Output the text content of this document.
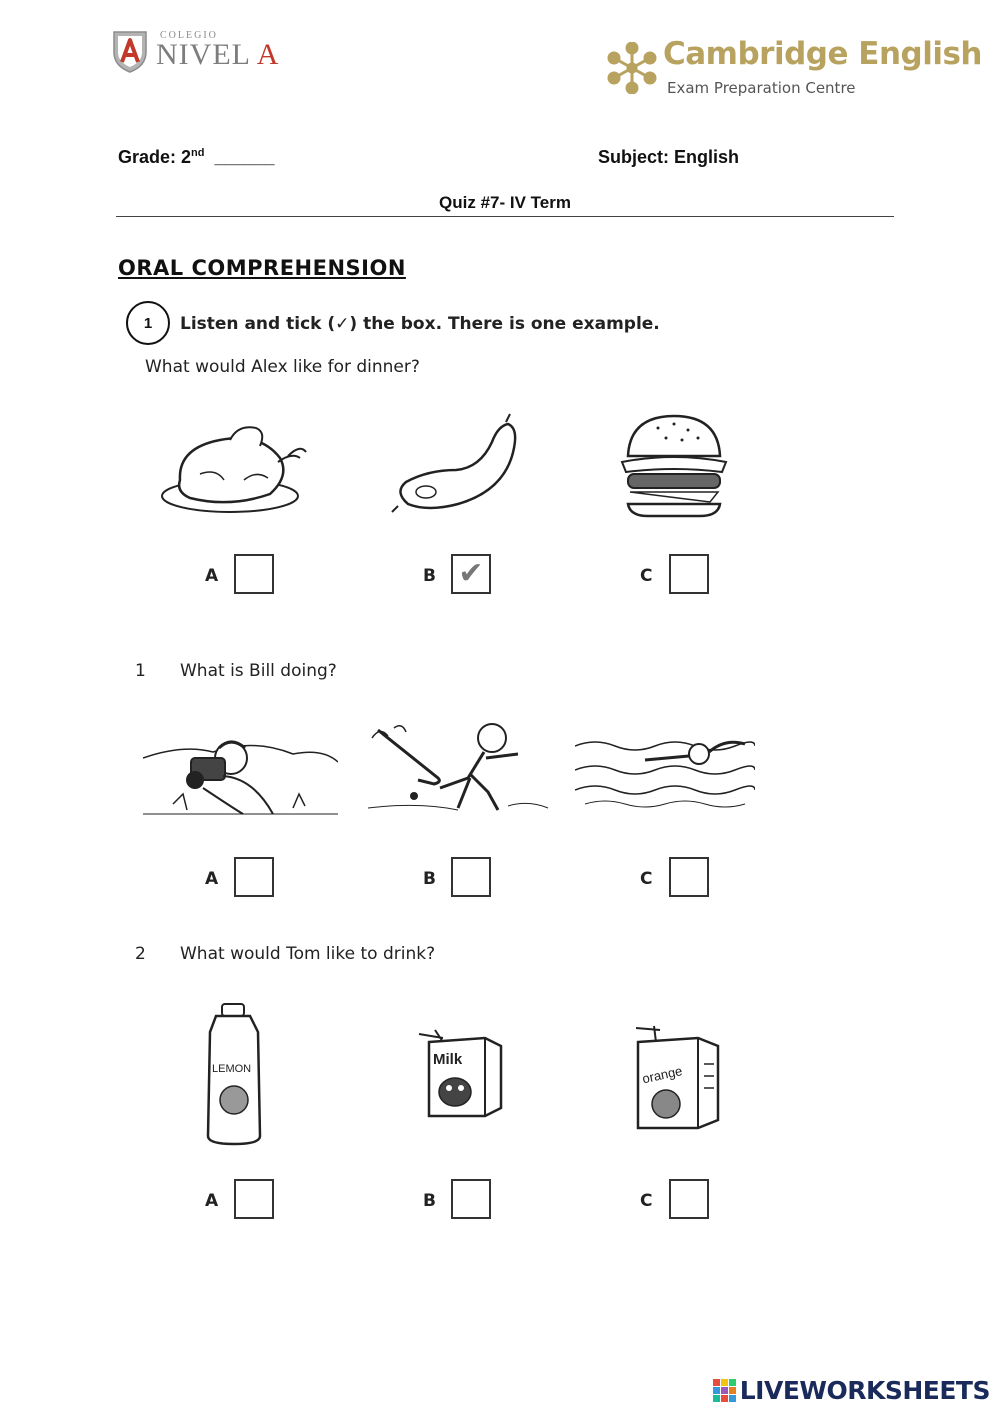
COLEGIO
NIVEL A	Cambridge English
Exam Preparation Centre
Grade: 2nd ______	Subject: English
Quiz #7- IV Term
ORAL COMPREHENSION
1	Listen and tick (✓) the box. There is one example.
What would Alex like for dinner?
A	B ✔	C
1 What is Bill doing?
A	B	C
2 What would Tom like to drink?
LEMON
Milk
orange
A	B	C
LIVEWORKSHEETS
